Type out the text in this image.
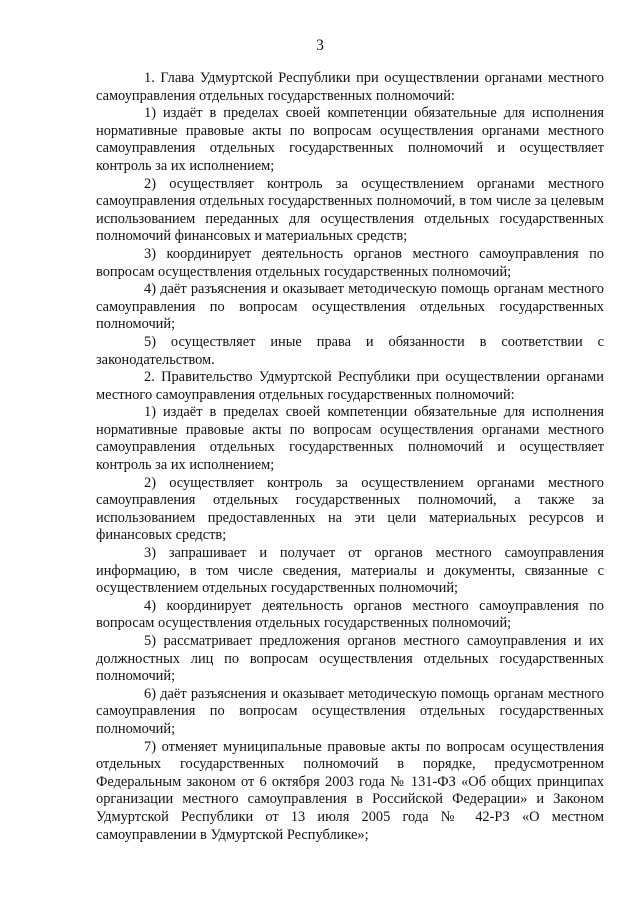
3

1. Глава Удмуртской Республики при осуществлении органами местного самоуправления отдельных государственных полномочий:

1) издаёт в пределах своей компетенции обязательные для исполнения нормативные правовые акты по вопросам осуществления органами местного самоуправления отдельных государственных полномочий и осуществляет контроль за их исполнением;

2) осуществляет контроль за осуществлением органами местного самоуправления отдельных государственных полномочий, в том числе за целевым использованием переданных для осуществления отдельных государственных полномочий финансовых и материальных средств;

3) координирует деятельность органов местного самоуправления по вопросам осуществления отдельных государственных полномочий;

4) даёт разъяснения и оказывает методическую помощь органам местного самоуправления по вопросам осуществления отдельных государственных полномочий;

5) осуществляет иные права и обязанности в соответствии с законодательством.

2. Правительство Удмуртской Республики при осуществлении органами местного самоуправления отдельных государственных полномочий:

1) издаёт в пределах своей компетенции обязательные для исполнения нормативные правовые акты по вопросам осуществления органами местного самоуправления отдельных государственных полномочий и осуществляет контроль за их исполнением;

2) осуществляет контроль за осуществлением органами местного самоуправления отдельных государственных полномочий, а также за использованием предоставленных на эти цели материальных ресурсов и финансовых средств;

3) запрашивает и получает от органов местного самоуправления информацию, в том числе сведения, материалы и документы, связанные с осуществлением отдельных государственных полномочий;

4) координирует деятельность органов местного самоуправления по вопросам осуществления отдельных государственных полномочий;

5) рассматривает предложения органов местного самоуправления и их должностных лиц по вопросам осуществления отдельных государственных полномочий;

6) даёт разъяснения и оказывает методическую помощь органам местного самоуправления по вопросам осуществления отдельных государственных полномочий;

7) отменяет муниципальные правовые акты по вопросам осуществления отдельных государственных полномочий в порядке, предусмотренном Федеральным законом от 6 октября 2003 года № 131-ФЗ «Об общих принципах организации местного самоуправления в Российской Федерации» и Законом Удмуртской Республики от 13 июля 2005 года № 42-РЗ «О местном самоуправлении в Удмуртской Республике»;
